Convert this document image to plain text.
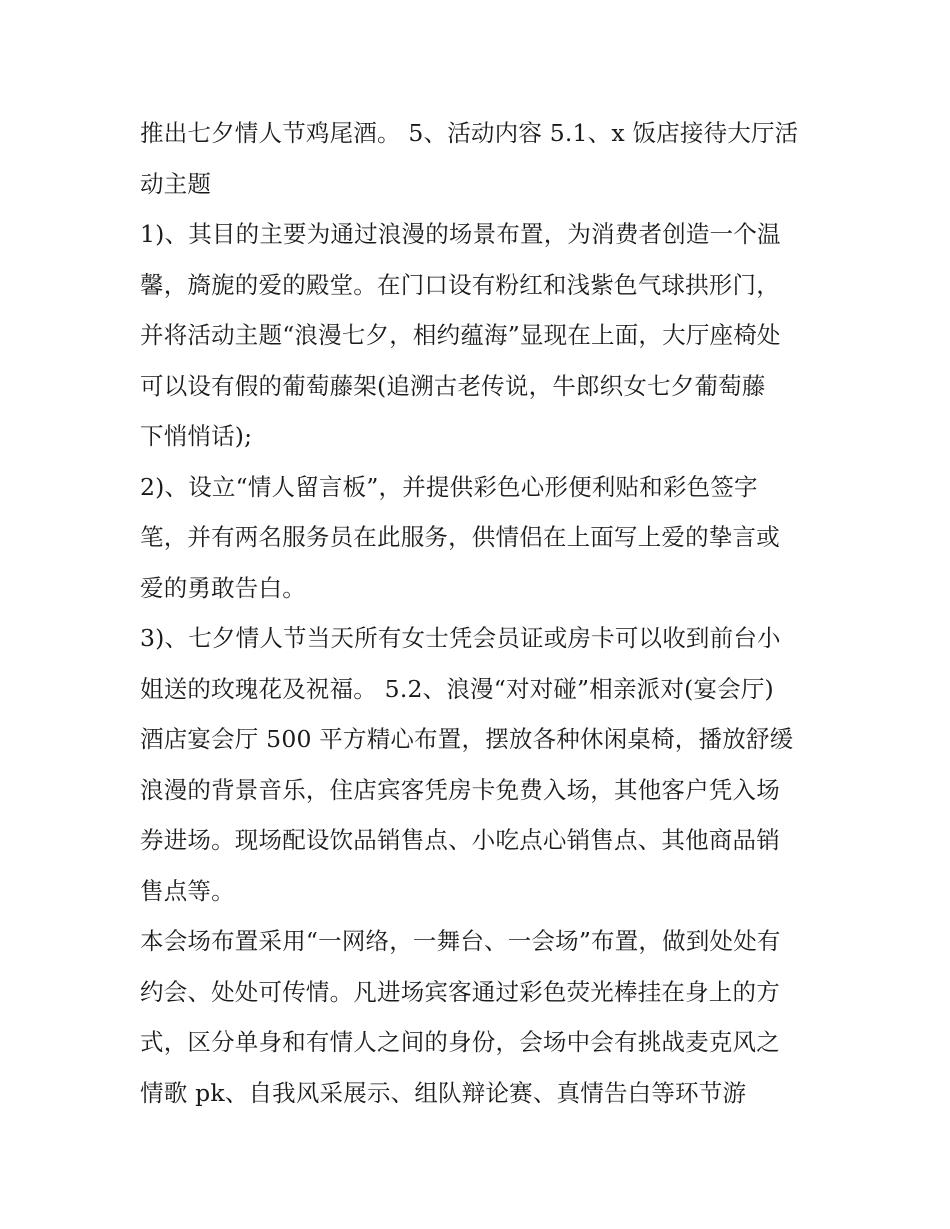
推出七夕情人节鸡尾酒。 5、活动内容 5.1、x 饭店接待大厅活
动主题
1)、其目的主要为通过浪漫的场景布置，为消费者创造一个温
馨，旖旎的爱的殿堂。在门口设有粉红和浅紫色气球拱形门，
并将活动主题“浪漫七夕，相约蕴海”显现在上面，大厅座椅处
可以设有假的葡萄藤架(追溯古老传说，牛郎织女七夕葡萄藤
下悄悄话);
2)、设立“情人留言板”，并提供彩色心形便利贴和彩色签字
笔，并有两名服务员在此服务，供情侣在上面写上爱的挚言或
爱的勇敢告白。
3)、七夕情人节当天所有女士凭会员证或房卡可以收到前台小
姐送的玫瑰花及祝福。 5.2、浪漫“对对碰”相亲派对(宴会厅)
酒店宴会厅 500 平方精心布置，摆放各种休闲桌椅，播放舒缓
浪漫的背景音乐，住店宾客凭房卡免费入场，其他客户凭入场
券进场。现场配设饮品销售点、小吃点心销售点、其他商品销
售点等。
本会场布置采用“一网络，一舞台、一会场”布置，做到处处有
约会、处处可传情。凡进场宾客通过彩色荧光棒挂在身上的方
式，区分单身和有情人之间的身份，会场中会有挑战麦克风之
情歌 pk、自我风采展示、组队辩论赛、真情告白等环节游
